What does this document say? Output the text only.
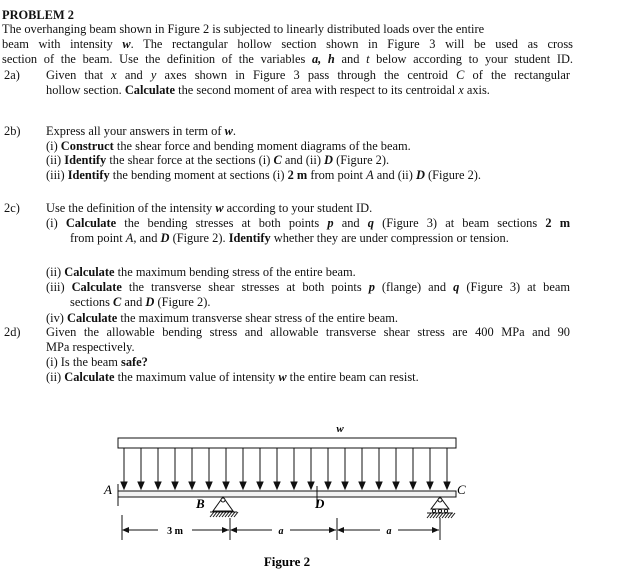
PROBLEM 2
The overhanging beam shown in Figure 2 is subjected to linearly distributed loads over the entire
beam with intensity w. The rectangular hollow section shown in Figure 3 will be used as cross
section of the beam. Use the definition of the variables a, h and t below according to your student ID.
2a) Given that x and y axes shown in Figure 3 pass through the centroid C of the rectangular
hollow section. Calculate the second moment of area with respect to its centroidal x axis.
2b) Express all your answers in term of w.
(i) Construct the shear force and bending moment diagrams of the beam.
(ii) Identify the shear force at the sections (i) C and (ii) D (Figure 2).
(iii) Identify the bending moment at sections (i) 2 m from point A and (ii) D (Figure 2).
2c) Use the definition of the intensity w according to your student ID.
(i) Calculate the bending stresses at both points p and q (Figure 3) at beam sections 2 m
from point A, and D (Figure 2). Identify whether they are under compression or tension.
(ii) Calculate the maximum bending stress of the entire beam.
(iii) Calculate the transverse shear stresses at both points p (flange) and q (Figure 3) at beam
sections C and D (Figure 2).
(iv) Calculate the maximum transverse shear stress of the entire beam.
2d) Given the allowable bending stress and allowable transverse shear stress are 400 MPa and 90
MPa respectively.
(i) Is the beam safe?
(ii) Calculate the maximum value of intensity w the entire beam can resist.
w
A
B
C
D
3 m	a	a
Figure 2
